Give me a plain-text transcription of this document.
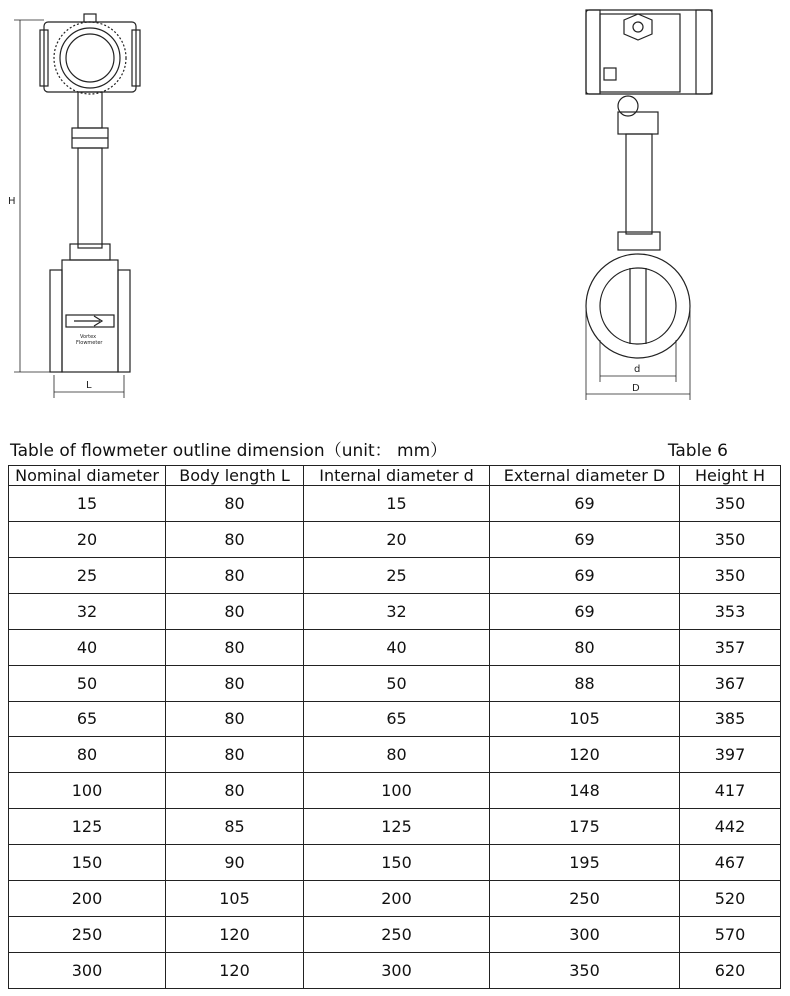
H
L
Vortex
Flowmeter
d
D
Table of flowmeter outline dimension（unit： mm）	Table 6
Nominal diameter	Body length L	Internal diameter d	External diameter D	Height H
15	80	15	69	350
20	80	20	69	350
25	80	25	69	350
32	80	32	69	353
40	80	40	80	357
50	80	50	88	367
65	80	65	105	385
80	80	80	120	397
100	80	100	148	417
125	85	125	175	442
150	90	150	195	467
200	105	200	250	520
250	120	250	300	570
300	120	300	350	620
